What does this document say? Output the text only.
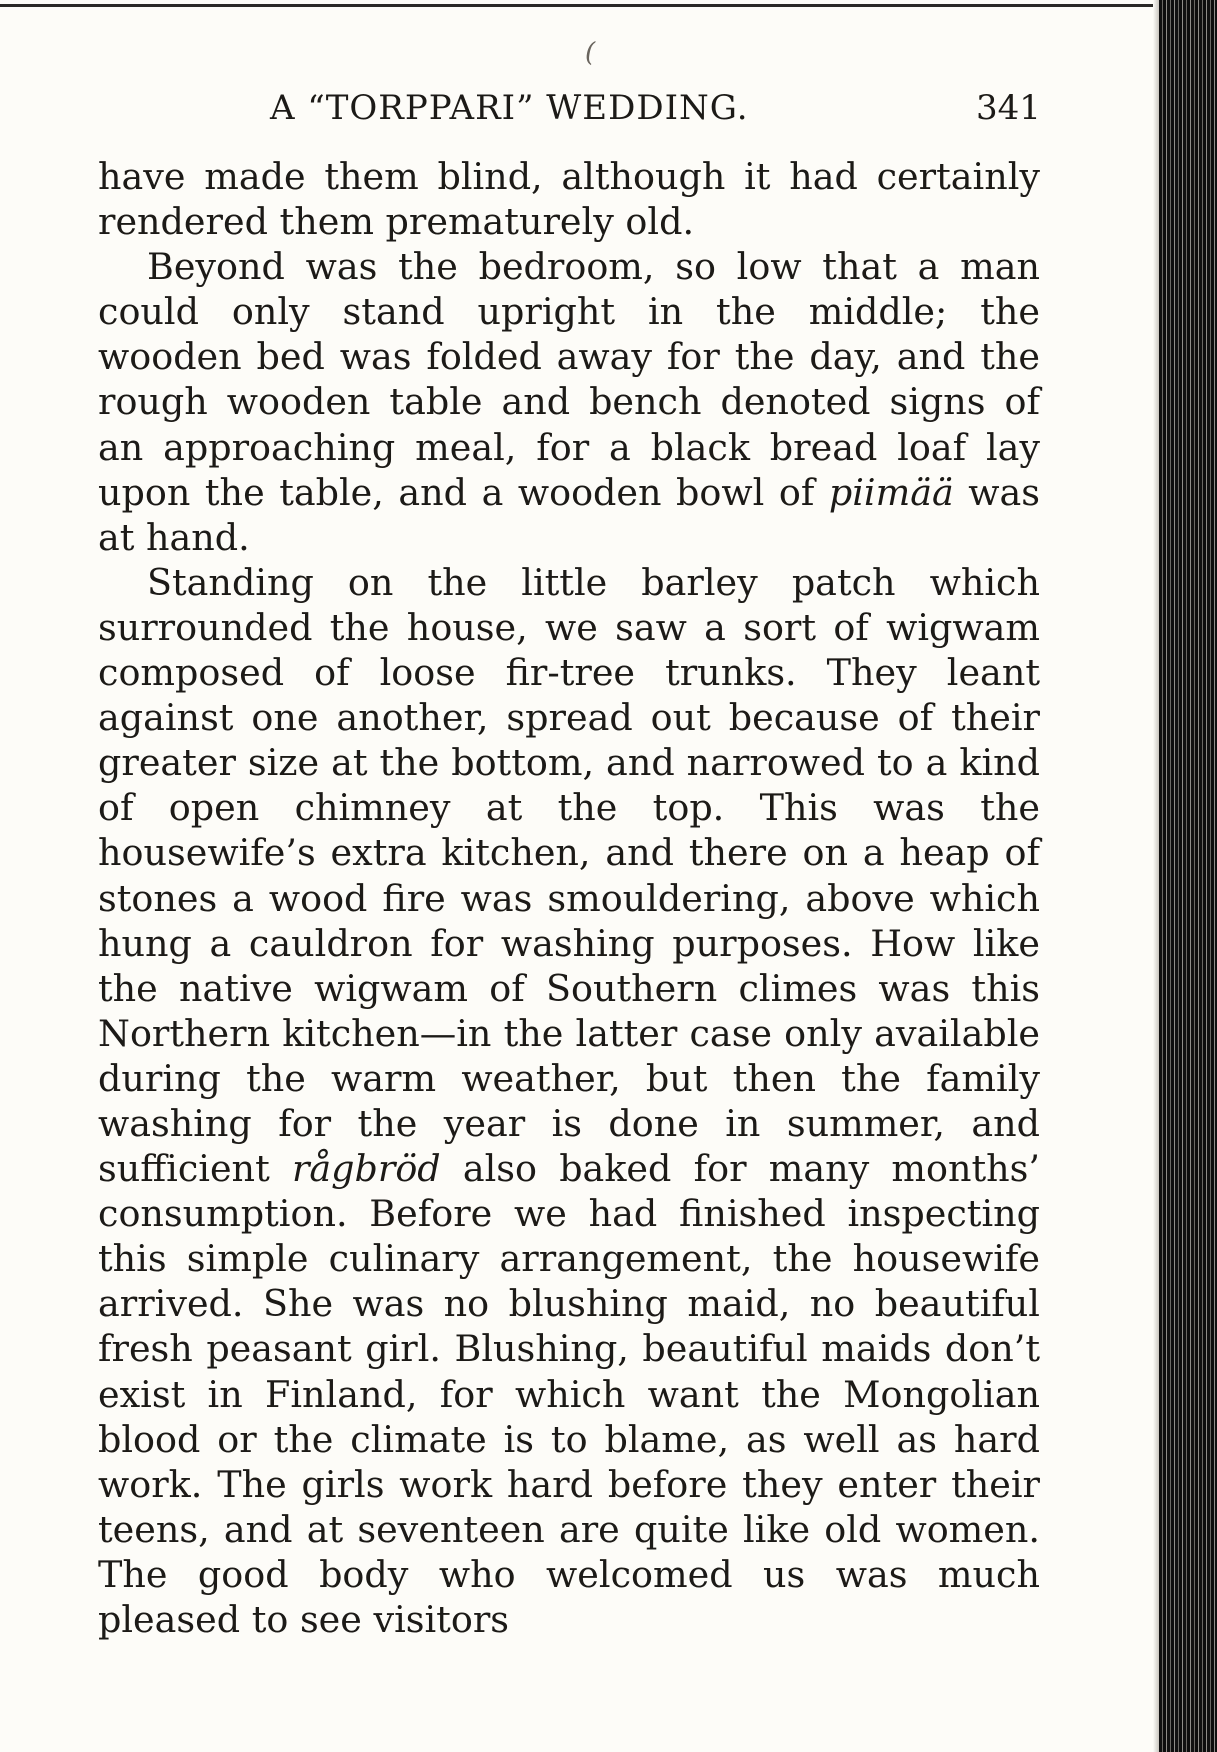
(
A “TORPPARI” WEDDING.	341

have made them blind, although it had certainly rendered them prematurely old.

Beyond was the bedroom, so low that a man could only stand upright in the middle; the wooden bed was folded away for the day, and the rough wooden table and bench denoted signs of an approaching meal, for a black bread loaf lay upon the table, and a wooden bowl of piimää was at hand.

Standing on the little barley patch which surrounded the house, we saw a sort of wigwam composed of loose fir-tree trunks. They leant against one another, spread out because of their greater size at the bottom, and narrowed to a kind of open chimney at the top. This was the housewife’s extra kitchen, and there on a heap of stones a wood fire was smouldering, above which hung a cauldron for washing purposes. How like the native wigwam of Southern climes was this Northern kitchen—in the latter case only available during the warm weather, but then the family washing for the year is done in summer, and sufficient rågbröd also baked for many months’ consumption. Before we had finished inspecting this simple culinary arrangement, the housewife arrived. She was no blushing maid, no beautiful fresh peasant girl. Blushing, beautiful maids don’t exist in Finland, for which want the Mongolian blood or the climate is to blame, as well as hard work. The girls work hard before they enter their teens, and at seventeen are quite like old women. The good body who welcomed us was much pleased to see visitors
